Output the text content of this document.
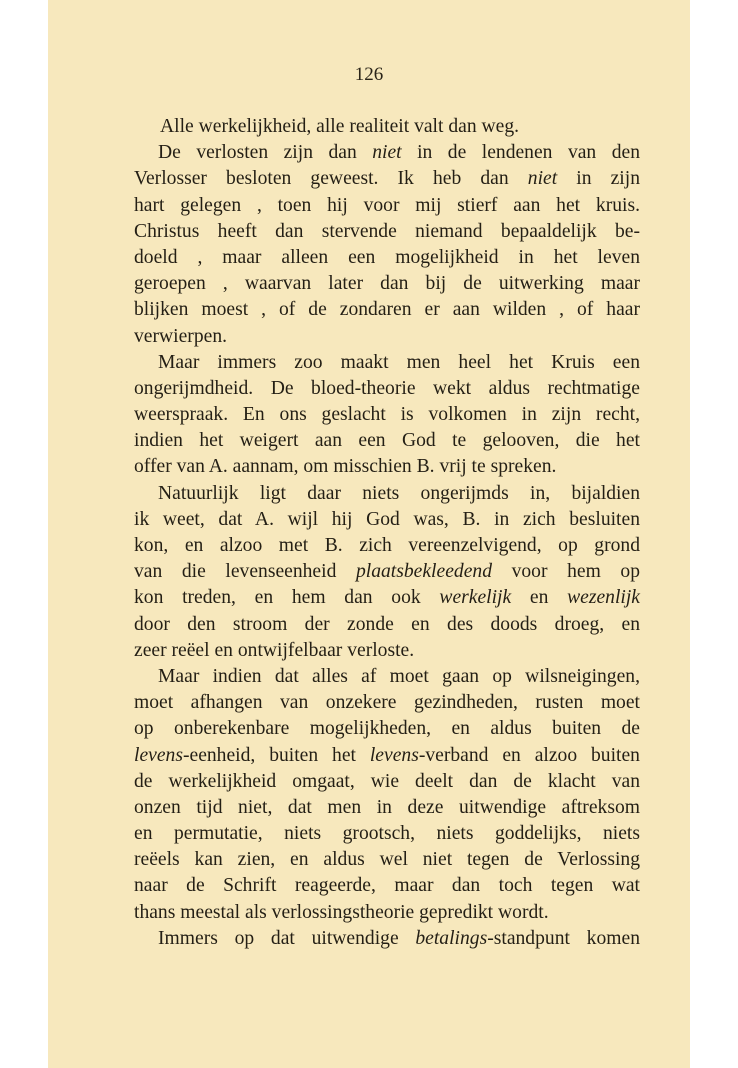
126
Alle werkelijkheid, alle realiteit valt dan weg.
De verlosten zijn dan niet in de lendenen van den
Verlosser besloten geweest. Ik heb dan niet in zijn
hart gelegen , toen hij voor mij stierf aan het kruis.
Christus heeft dan stervende niemand bepaaldelijk be-
doeld , maar alleen een mogelijkheid in het leven
geroepen , waarvan later dan bij de uitwerking maar
blijken moest , of de zondaren er aan wilden , of haar
verwierpen.
Maar immers zoo maakt men heel het Kruis een
ongerijmdheid. De bloed-theorie wekt aldus rechtmatige
weerspraak. En ons geslacht is volkomen in zijn recht,
indien het weigert aan een God te gelooven, die het
offer van A. aannam, om misschien B. vrij te spreken.
Natuurlijk ligt daar niets ongerijmds in, bijaldien
ik weet, dat A. wijl hij God was, B. in zich besluiten
kon, en alzoo met B. zich vereenzelvigend, op grond
van die levenseenheid plaatsbekleedend voor hem op
kon treden, en hem dan ook werkelijk en wezenlijk
door den stroom der zonde en des doods droeg, en
zeer reëel en ontwijfelbaar verloste.
Maar indien dat alles af moet gaan op wilsneigingen,
moet afhangen van onzekere gezindheden, rusten moet
op onberekenbare mogelijkheden, en aldus buiten de
levens-eenheid, buiten het levens-verband en alzoo buiten
de werkelijkheid omgaat, wie deelt dan de klacht van
onzen tijd niet, dat men in deze uitwendige aftreksom
en permutatie, niets grootsch, niets goddelijks, niets
reëels kan zien, en aldus wel niet tegen de Verlossing
naar de Schrift reageerde, maar dan toch tegen wat
thans meestal als verlossingstheorie gepredikt wordt.
Immers op dat uitwendige betalings-standpunt komen
